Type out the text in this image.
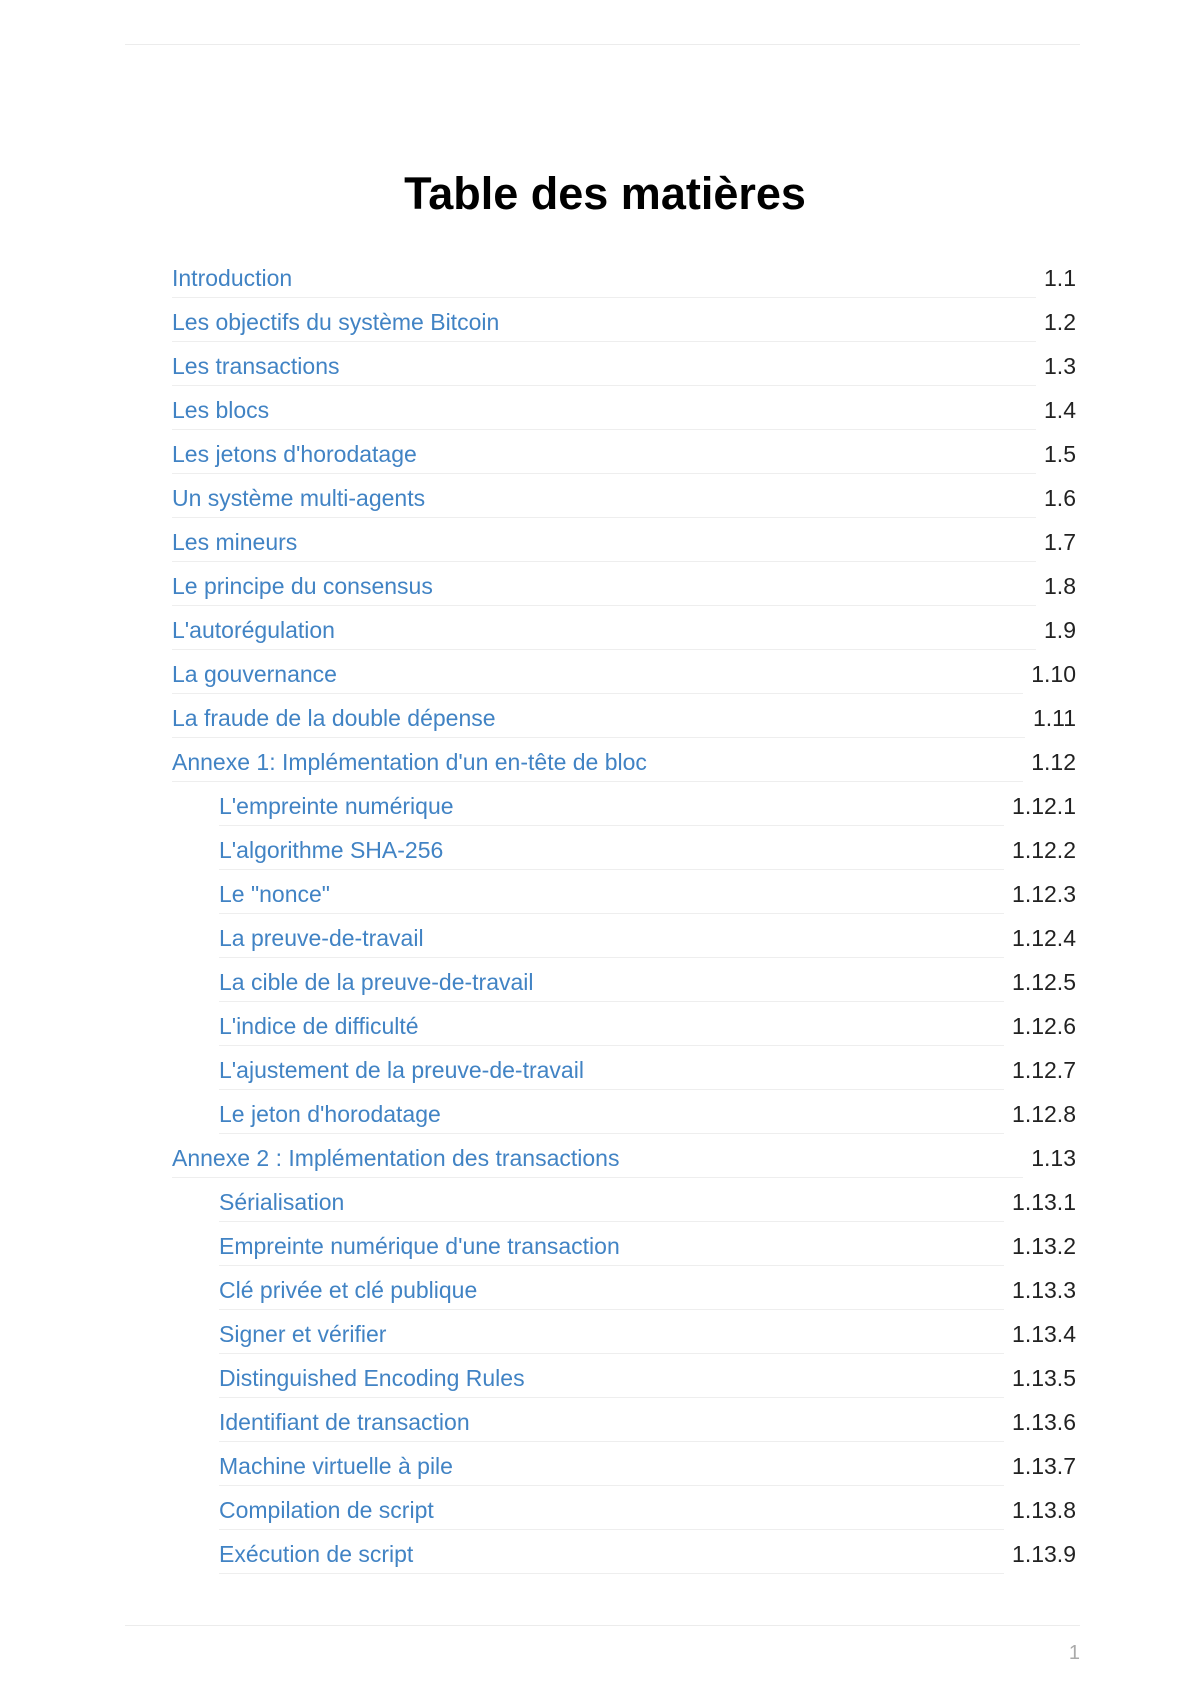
Table des matières
Introduction	1.1
Les objectifs du système Bitcoin	1.2
Les transactions	1.3
Les blocs	1.4
Les jetons d'horodatage	1.5
Un système multi-agents	1.6
Les mineurs	1.7
Le principe du consensus	1.8
L'autorégulation	1.9
La gouvernance	1.10
La fraude de la double dépense	1.11
Annexe 1: Implémentation d'un en-tête de bloc	1.12
L'empreinte numérique	1.12.1
L'algorithme SHA-256	1.12.2
Le "nonce"	1.12.3
La preuve-de-travail	1.12.4
La cible de la preuve-de-travail	1.12.5
L'indice de difficulté	1.12.6
L'ajustement de la preuve-de-travail	1.12.7
Le jeton d'horodatage	1.12.8
Annexe 2 : Implémentation des transactions	1.13
Sérialisation	1.13.1
Empreinte numérique d'une transaction	1.13.2
Clé privée et clé publique	1.13.3
Signer et vérifier	1.13.4
Distinguished Encoding Rules	1.13.5
Identifiant de transaction	1.13.6
Machine virtuelle à pile	1.13.7
Compilation de script	1.13.8
Exécution de script	1.13.9
1
